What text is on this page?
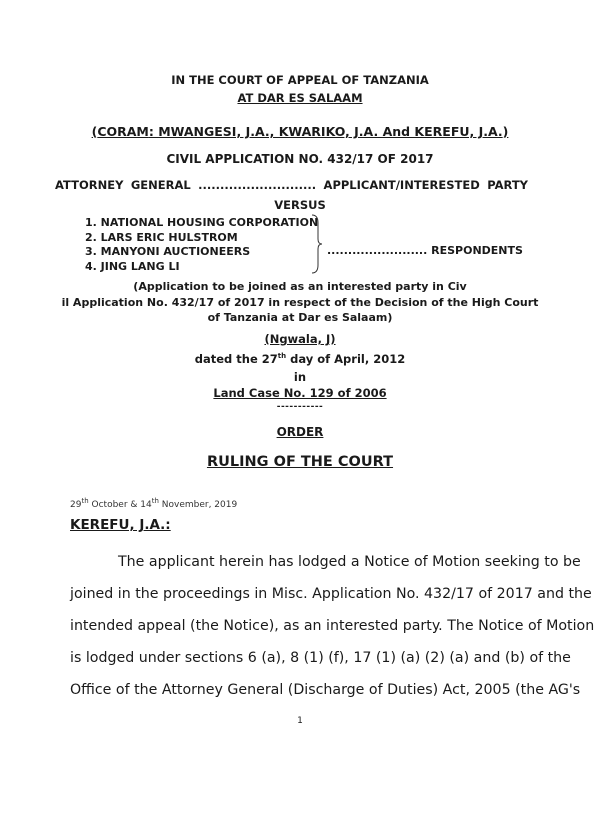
IN THE COURT OF APPEAL OF TANZANIA
AT DAR ES SALAAM
(CORAM: MWANGESI, J.A., KWARIKO, J.A. And KEREFU, J.A.)
CIVIL APPLICATION NO. 432/17 OF 2017
ATTORNEY GENERAL ........................... APPLICANT/INTERESTED PARTY
VERSUS
1. NATIONAL HOUSING CORPORATION
2. LARS ERIC HULSTROM
3. MANYONI AUCTIONEERS
4. JING LANG LI
........................ RESPONDENTS
(Application to be joined as an interested party in Civ
il Application No. 432/17 of 2017 in respect of the Decision of the High Court
of Tanzania at Dar es Salaam)
(Ngwala, J)
dated the 27th day of April, 2012
in
Land Case No. 129 of 2006
-----------
ORDER
RULING OF THE COURT
29th October & 14th November, 2019
KEREFU, J.A.:
The applicant herein has lodged a Notice of Motion seeking to be
joined in the proceedings in Misc. Application No. 432/17 of 2017 and the
intended appeal (the Notice), as an interested party. The Notice of Motion
is lodged under sections 6 (a), 8 (1) (f), 17 (1) (a) (2) (a) and (b) of the
Office of the Attorney General (Discharge of Duties) Act, 2005 (the AG's
1
